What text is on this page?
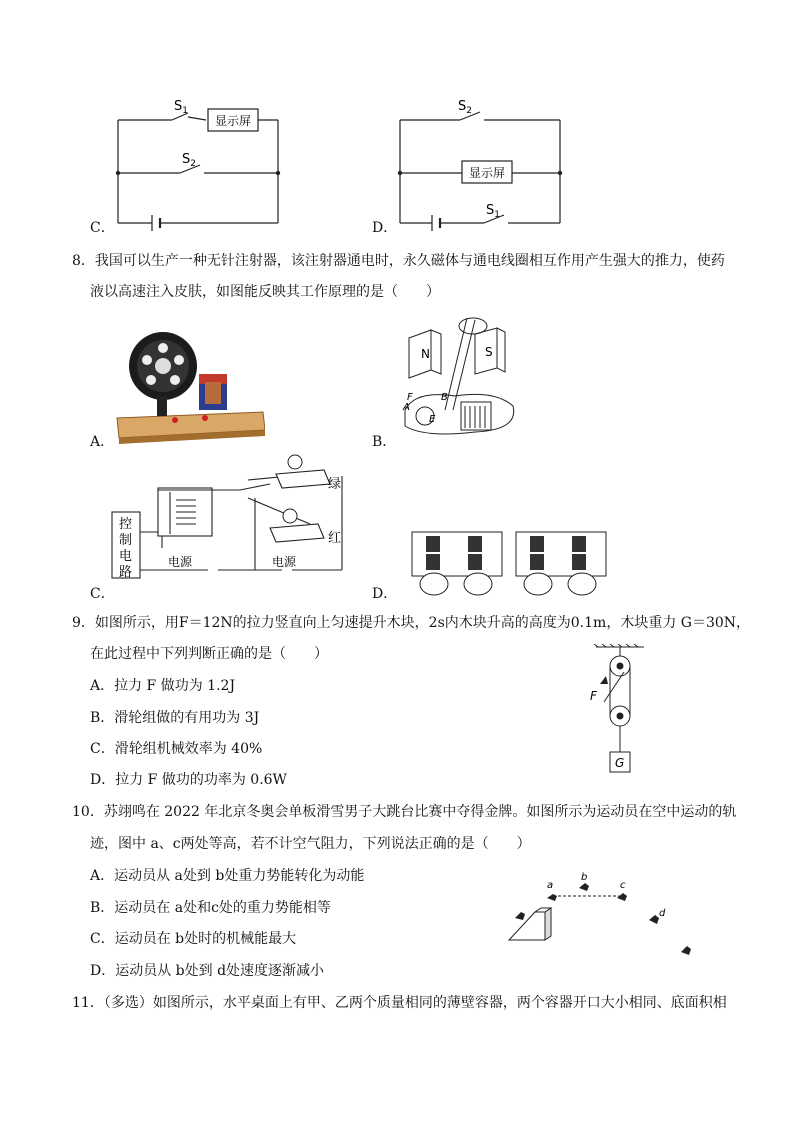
C．
显示屏
$S_1$
$S_2$
D．
显示屏
$S_2$
$S_1$
8．我国可以生产一种无针注射器，该注射器通电时，永久磁体与通电线圈相互作用产生强大的推力，使药
液以高速注入皮肤，如图能反映其工作原理的是（　　）
A．	B．
N	S
F
A
B
E
C．
控
制
电
路
电源	电源
绿
红
D．
9．如图所示，用F＝12N的拉力竖直向上匀速提升木块，2s内木块升高的高度为0.1m，木块重力 G＝30N，
在此过程中下列判断正确的是（　　）
A．拉力 F 做功为 1.2J
B．滑轮组做的有用功为 3J
C．滑轮组机械效率为 40%
D．拉力 F 做功的功率为 0.6W
F
G
10．苏翊鸣在 2022 年北京冬奥会单板滑雪男子大跳台比赛中夺得金牌。如图所示为运动员在空中运动的轨
迹，图中 a、c两处等高，若不计空气阻力，下列说法正确的是（　　）
A．运动员从 a处到 b处重力势能转化为动能
B．运动员在 a处和c处的重力势能相等
C．运动员在 b处时的机械能最大
D．运动员从 b处到 d处速度逐渐减小
a
b
c
d
11．（多选）如图所示，水平桌面上有甲、乙两个质量相同的薄壁容器，两个容器开口大小相同、底面积相
